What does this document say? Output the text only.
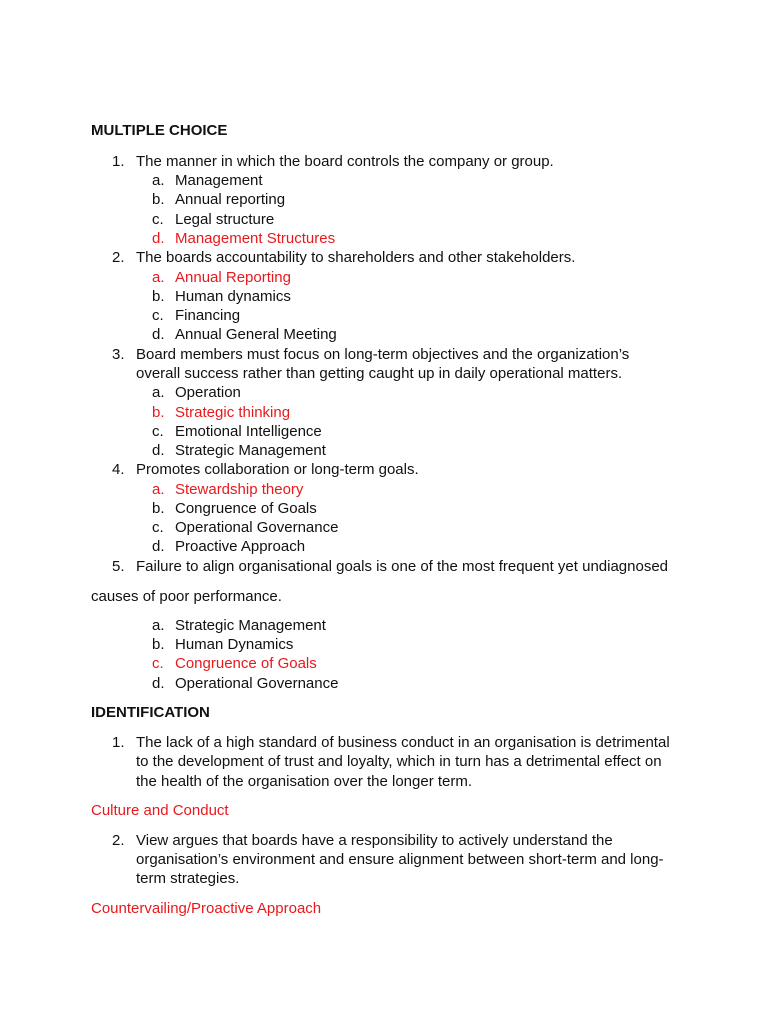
MULTIPLE CHOICE
1. The manner in which the board controls the company or group.
a. Management
b. Annual reporting
c. Legal structure
d. Management Structures
2. The boards accountability to shareholders and other stakeholders.
a. Annual Reporting
b. Human dynamics
c. Financing
d. Annual General Meeting
3. Board members must focus on long-term objectives and the organization’s
overall success rather than getting caught up in daily operational matters.
a. Operation
b. Strategic thinking
c. Emotional Intelligence
d. Strategic Management
4. Promotes collaboration or long-term goals.
a. Stewardship theory
b. Congruence of Goals
c. Operational Governance
d. Proactive Approach
5. Failure to align organisational goals is one of the most frequent yet undiagnosed
causes of poor performance.
a. Strategic Management
b. Human Dynamics
c. Congruence of Goals
d. Operational Governance
IDENTIFICATION
1. The lack of a high standard of business conduct in an organisation is detrimental
to the development of trust and loyalty, which in turn has a detrimental effect on
the health of the organisation over the longer term.
Culture and Conduct
2. View argues that boards have a responsibility to actively understand the
organisation’s environment and ensure alignment between short-term and long-
term strategies.
Countervailing/Proactive Approach
